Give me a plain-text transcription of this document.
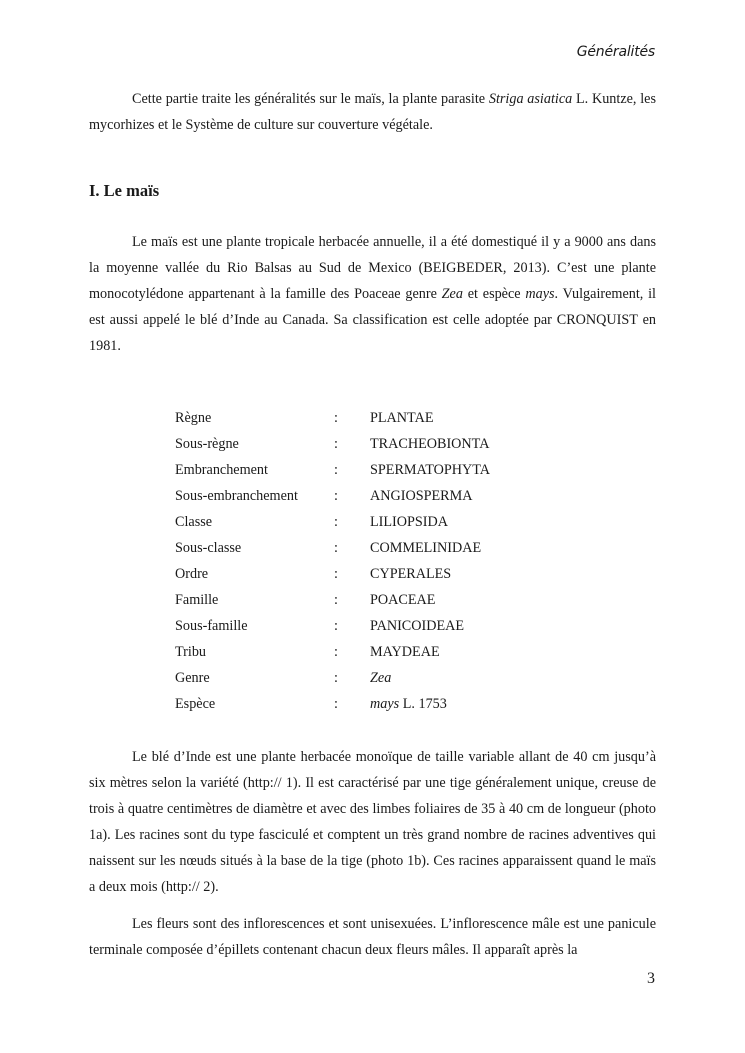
Généralités
Cette partie traite les généralités sur le maïs, la plante parasite Striga asiatica L. Kuntze, les mycorhizes et le Système de culture sur couverture végétale.
I. Le maïs
Le maïs est une plante tropicale herbacée annuelle, il a été domestiqué il y a 9000 ans dans la moyenne vallée du Rio Balsas au Sud de Mexico (BEIGBEDER, 2013). C’est une plante monocotylédone appartenant à la famille des Poaceae genre Zea et espèce mays. Vulgairement, il est aussi appelé le blé d’Inde au Canada. Sa classification est celle adoptée par CRONQUIST en 1981.
Règne	: PLANTAE
Sous-règne	: TRACHEOBIONTA
Embranchement	: SPERMATOPHYTA
Sous-embranchement	: ANGIOSPERMA
Classe	: LILIOPSIDA
Sous-classe	: COMMELINIDAE
Ordre	: CYPERALES
Famille	: POACEAE
Sous-famille	: PANICOIDEAE
Tribu	: MAYDEAE
Genre	: Zea
Espèce	: mays L. 1753
Le blé d’Inde est une plante herbacée monoïque de taille variable allant de 40 cm jusqu’à six mètres selon la variété (http:// 1). Il est caractérisé par une tige généralement unique, creuse de trois à quatre centimètres de diamètre et avec des limbes foliaires de 35 à 40 cm de longueur (photo 1a). Les racines sont du type fasciculé et comptent un très grand nombre de racines adventives qui naissent sur les nœuds situés à la base de la tige (photo 1b). Ces racines apparaissent quand le maïs a deux mois (http:// 2).
Les fleurs sont des inflorescences et sont unisexuées. L’inflorescence mâle est une panicule terminale composée d’épillets contenant chacun deux fleurs mâles. Il apparaît après la
3
